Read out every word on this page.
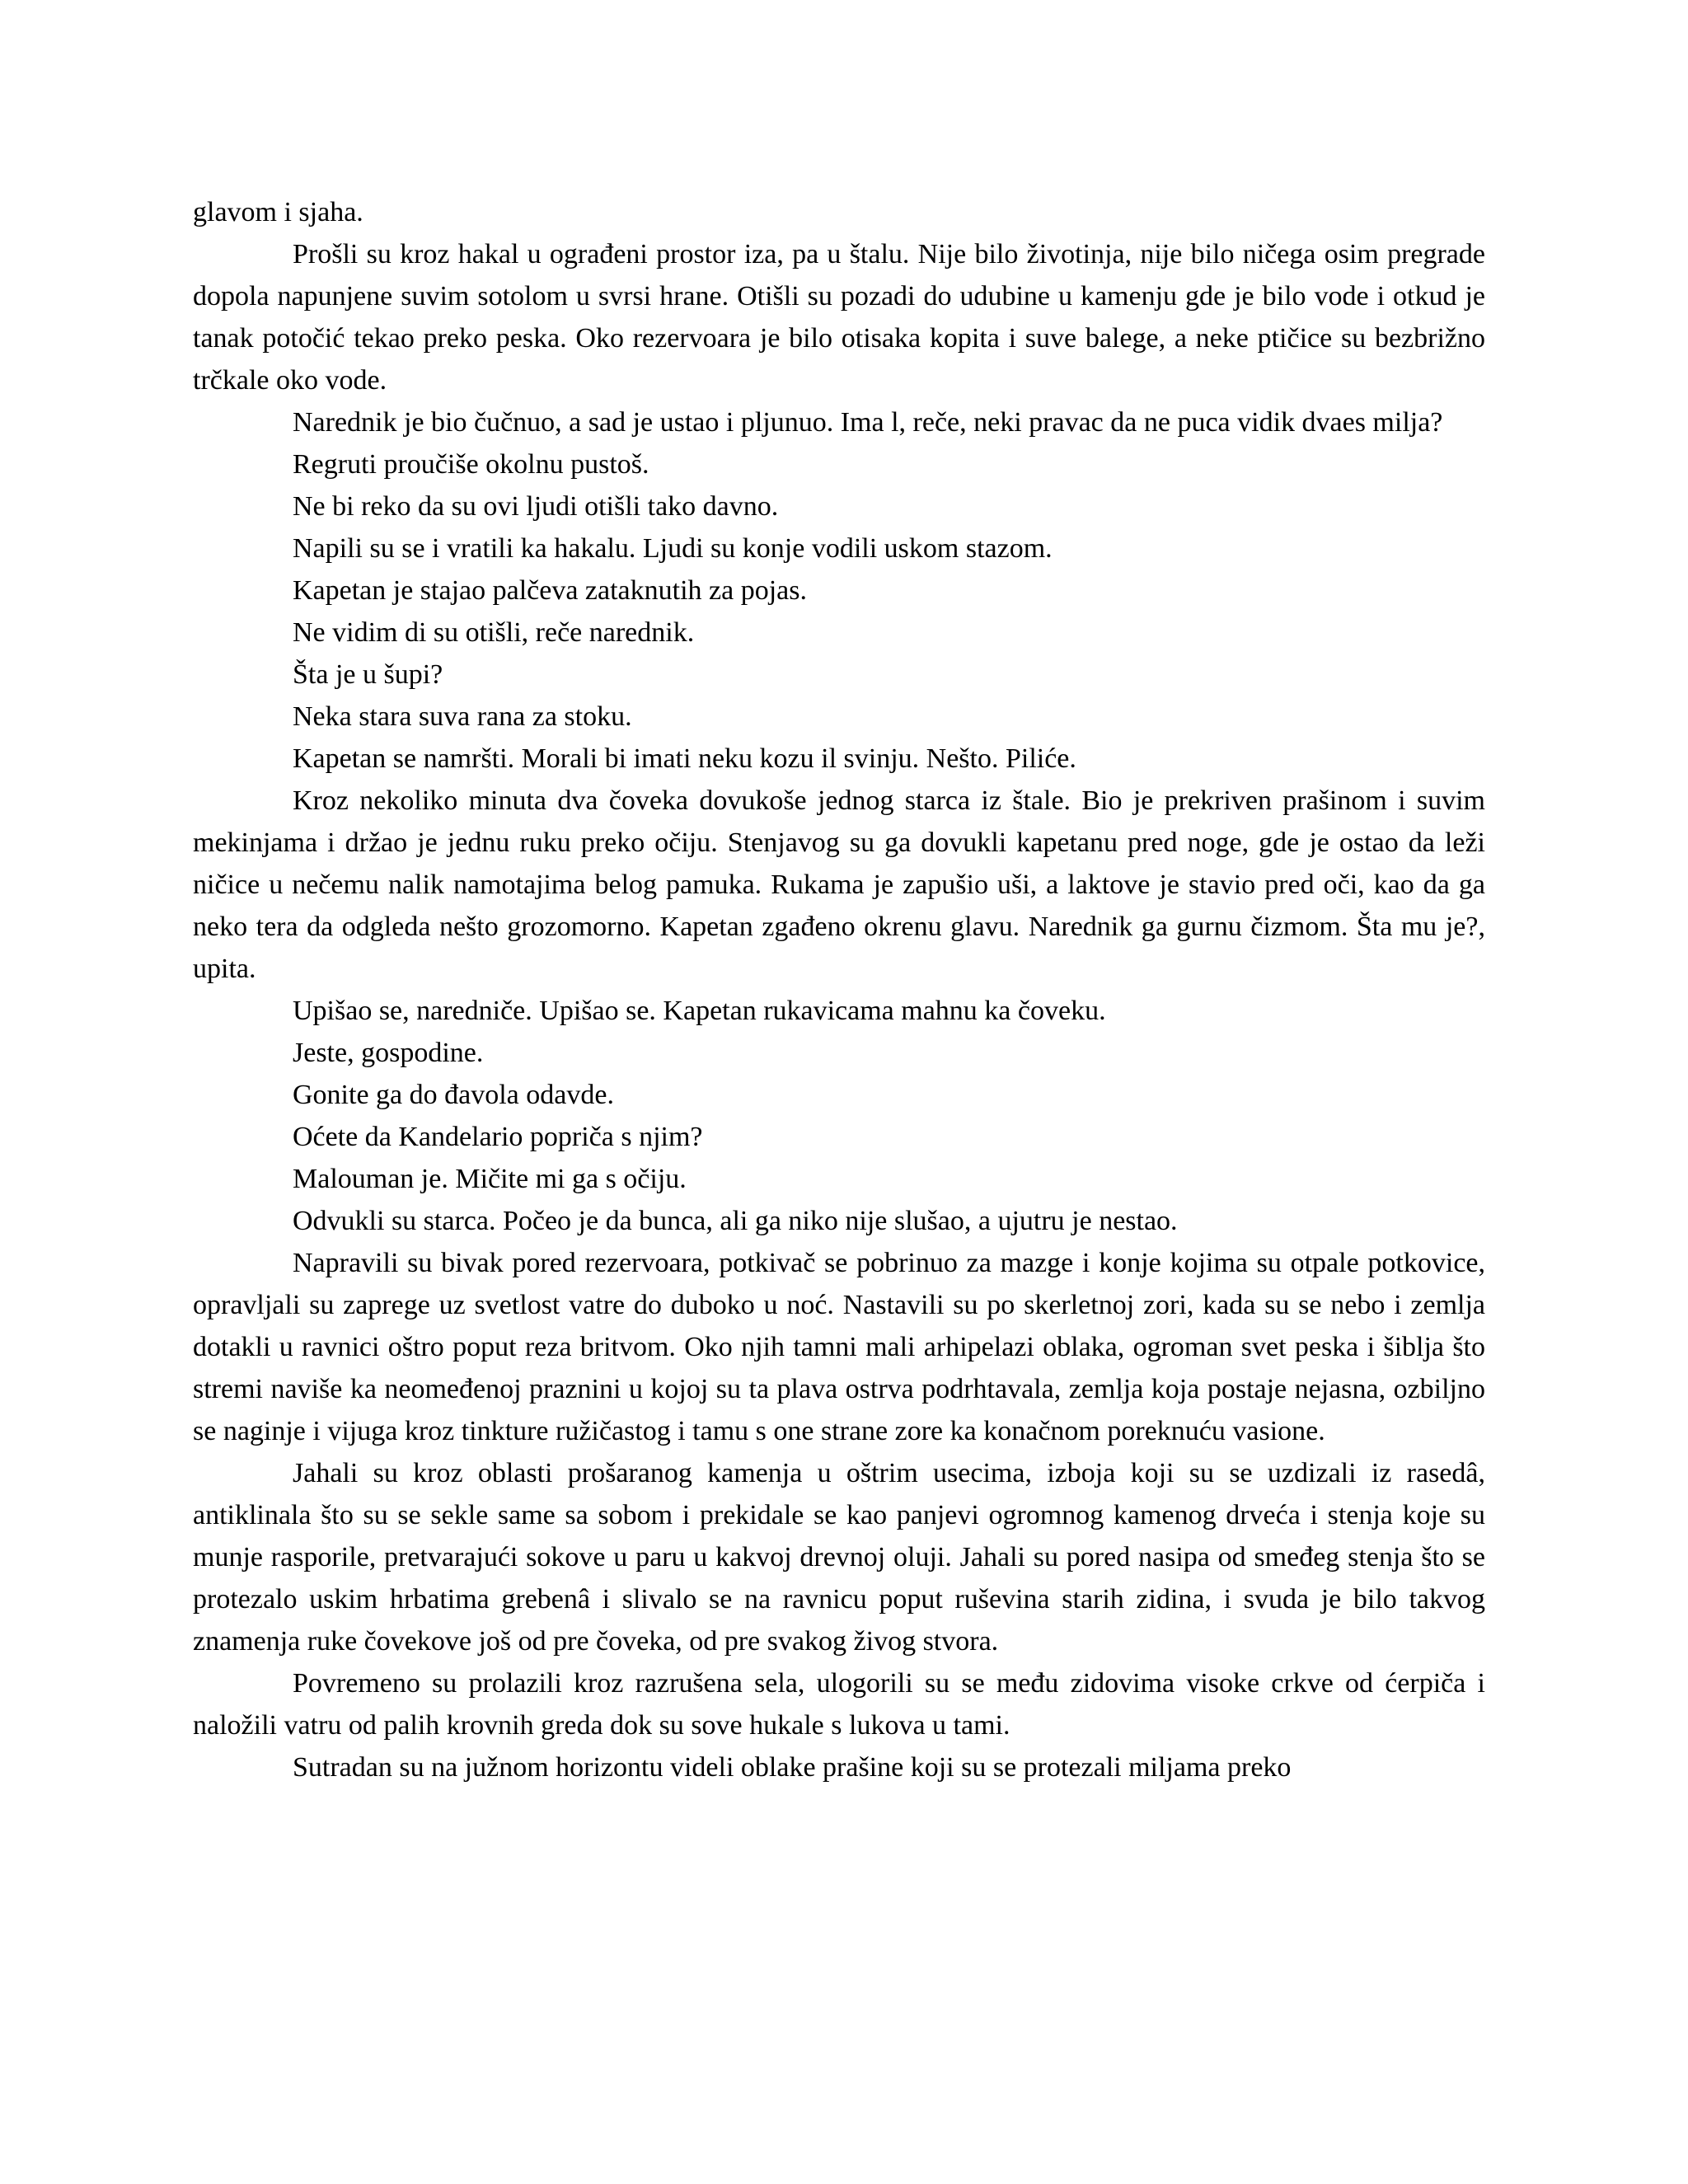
glavom i sjaha.

Prošli su kroz hakal u ograđeni prostor iza, pa u štalu. Nije bilo životinja, nije bilo ničega osim pregrade dopola napunjene suvim sotolom u svrsi hrane. Otišli su pozadi do udubine u kamenju gde je bilo vode i otkud je tanak potočić tekao preko peska. Oko rezervoara je bilo otisaka kopita i suve balege, a neke ptičice su bezbrižno trčkale oko vode.

Narednik je bio čučnuo, a sad je ustao i pljunuo. Ima l, reče, neki pravac da ne puca vidik dvaes milja?

Regruti proučiše okolnu pustoš.

Ne bi reko da su ovi ljudi otišli tako davno.

Napili su se i vratili ka hakalu. Ljudi su konje vodili uskom stazom.

Kapetan je stajao palčeva zataknutih za pojas.

Ne vidim di su otišli, reče narednik.

Šta je u šupi?

Neka stara suva rana za stoku.

Kapetan se namršti. Morali bi imati neku kozu il svinju. Nešto. Piliće.

Kroz nekoliko minuta dva čoveka dovukoše jednog starca iz štale. Bio je prekriven prašinom i suvim mekinjama i držao je jednu ruku preko očiju. Stenjavog su ga dovukli kapetanu pred noge, gde je ostao da leži ničice u nečemu nalik namotajima belog pamuka. Rukama je zapušio uši, a laktove je stavio pred oči, kao da ga neko tera da odgleda nešto grozomorno. Kapetan zgađeno okrenu glavu. Narednik ga gurnu čizmom. Šta mu je?, upita.

Upišao se, naredniče. Upišao se. Kapetan rukavicama mahnu ka čoveku.

Jeste, gospodine.

Gonite ga do đavola odavde.

Oćete da Kandelario popriča s njim?

Malouman je. Mičite mi ga s očiju.

Odvukli su starca. Počeo je da bunca, ali ga niko nije slušao, a ujutru je nestao.

Napravili su bivak pored rezervoara, potkivač se pobrinuo za mazge i konje kojima su otpale potkovice, opravljali su zaprege uz svetlost vatre do duboko u noć. Nastavili su po skerletnoj zori, kada su se nebo i zemlja dotakli u ravnici oštro poput reza britvom. Oko njih tamni mali arhipelazi oblaka, ogroman svet peska i šiblja što stremi naviše ka neomeđenoj praznini u kojoj su ta plava ostrva podrhtavala, zemlja koja postaje nejasna, ozbiljno se naginje i vijuga kroz tinkture ružičastog i tamu s one strane zore ka konačnom poreknuću vasione.

Jahali su kroz oblasti prošaranog kamenja u oštrim usecima, izboja koji su se uzdizali iz rasedâ, antiklinala što su se sekle same sa sobom i prekidale se kao panjevi ogromnog kamenog drveća i stenja koje su munje rasporile, pretvarajući sokove u paru u kakvoj drevnoj oluji. Jahali su pored nasipa od smeđeg stenja što se protezalo uskim hrbatima grebenâ i slivalo se na ravnicu poput ruševina starih zidina, i svuda je bilo takvog znamenja ruke čovekove još od pre čoveka, od pre svakog živog stvora.

Povremeno su prolazili kroz razrušena sela, ulogorili su se među zidovima visoke crkve od ćerpiča i naložili vatru od palih krovnih greda dok su sove hukale s lukova u tami.

Sutradan su na južnom horizontu videli oblake prašine koji su se protezali miljama preko
